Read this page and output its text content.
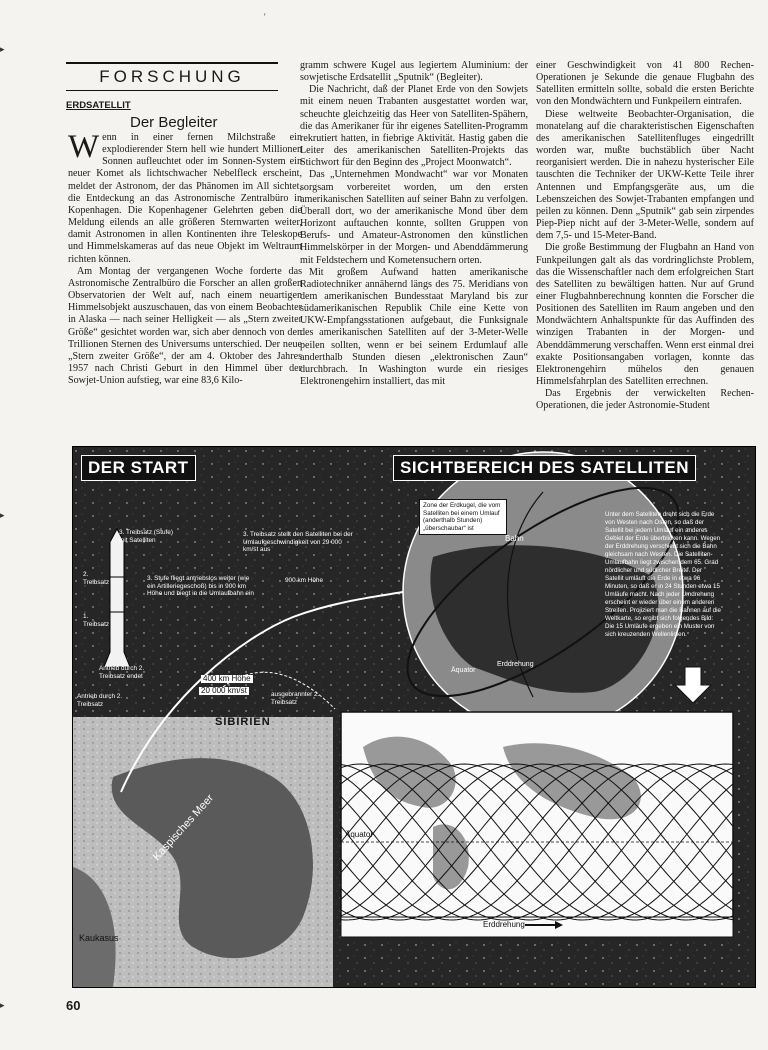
'
FORSCHUNG
ERDSATELLIT
Der Begleiter

Wenn in einer fernen Milchstraße ein explodierender Stern hell wie hundert Millionen Sonnen aufleuchtet oder im Sonnen-System ein neuer Komet als lichtschwacher Nebelfleck erscheint, meldet der Astronom, der das Phänomen im All sichtet, die Entdeckung an das Astronomische Zentralbüro in Kopenhagen. Die Kopenhagener Gelehrten geben die Meldung eilends an alle größeren Sternwarten weiter, damit Astronomen in allen Kontinenten ihre Teleskope und Himmelskameras auf das neue Objekt im Weltraum richten können.

Am Montag der vergangenen Woche forderte das Astronomische Zentralbüro die Forscher an allen großen Observatorien der Welt auf, nach einem neuartigen Himmelsobjekt auszuschauen, das von einem Beobachter in Alaska — nach seiner Helligkeit — als „Stern zweiter Größe“ gesichtet worden war, sich aber dennoch von den Trillionen Sternen des Universums unterschied. Der neue „Stern zweiter Größe“, der am 4. Oktober des Jahres 1957 nach Christi Geburt in den Himmel über der Sowjet-Union aufstieg, war eine 83,6 Kilo-

gramm schwere Kugel aus legiertem Aluminium: der sowjetische Erdsatellit „Sputnik“ (Begleiter).

Die Nachricht, daß der Planet Erde von den Sowjets mit einem neuen Trabanten ausgestattet worden war, scheuchte gleichzeitig das Heer von Satelliten-Spähern, die das Amerikaner für ihr eigenes Satelliten-Programm rekrutiert hatten, in fiebrige Aktivität. Hastig gaben die Leiter des amerikanischen Satelliten-Projekts das Stichwort für den Beginn des „Project Moonwatch“.

Das „Unternehmen Mondwacht“ war vor Monaten sorgsam vorbereitet worden, um den ersten amerikanischen Satelliten auf seiner Bahn zu verfolgen. Überall dort, wo der amerikanische Mond über dem Horizont auftauchen konnte, sollten Gruppen von Berufs- und Amateur-Astronomen den künstlichen Himmelskörper in der Morgen- und Abenddämmerung mit Feldstechern und Kometensuchern orten.

Mit großem Aufwand hatten amerikanische Radiotechniker annähernd längs des 75. Meridians von dem amerikanischen Bundesstaat Maryland bis zur südamerikanischen Republik Chile eine Kette von UKW-Empfangsstationen aufgebaut, die Funksignale des amerikanischen Satelliten auf der 3-Meter-Welle peilen sollten, wenn er bei seinem Erdumlauf alle anderthalb Stunden diesen „elektronischen Zaun“ durchbrach. In Washington wurde ein riesiges Elektronengehirn installiert, das mit

einer Geschwindigkeit von 41 800 Rechen-Operationen je Sekunde die genaue Flugbahn des Satelliten ermitteln sollte, sobald die ersten Berichte von den Mondwächtern und Funkpeilern eintrafen.

Diese weltweite Beobachter-Organisation, die monatelang auf die charakteristischen Eigenschaften des amerikanischen Satellitenfluges eingedrillt worden war, mußte buchstäblich über Nacht reorganisiert werden. Die in nahezu hysterischer Eile tauschten die Techniker der UKW-Kette Teile ihrer Antennen und Empfangsgeräte aus, um die Lebenszeichen des Sowjet-Trabanten empfangen und peilen zu können. Denn „Sputnik“ gab sein zirpendes Piep-Piep nicht auf der 3-Meter-Welle, sondern auf dem 7,5- und 15-Meter-Band.

Die große Bestimmung der Flugbahn an Hand von Funkpeilungen galt als das vordringlichste Problem, das die Wissenschaftler nach dem erfolgreichen Start des Satelliten zu bewältigen hatten. Nur auf Grund einer Flugbahnberechnung konnten die Forscher die Positionen des Satelliten im Raum angeben und den Mondwächtern Anhaltspunkte für das Auffinden des winzigen Trabanten in der Morgen- und Abenddämmerung verschaffen. Wenn erst einmal drei exakte Positionsangaben vorlagen, konnte das Elektronengehirn mühelos den genauen Himmelsfahrplan des Satelliten errechnen.

Das Ergebnis der verwickelten Rechen-Operationen, die jeder Astronomie-Student

DER START	SICHTBEREICH DES SATELLITEN
3. Treibsatz (Stufe) mit Satelliten
2. Treibsatz
1. Treibsatz
3. Treibsatz stellt den Satelliten bei der Umlaufgeschwindigkeit von 29 000 km/st aus
3. Stufe fliegt antriebslos weiter (wie ein Artilleriegeschoß) bis in 900 km Höhe und biegt in die Umlaufbahn ein
900 km Höhe
Antrieb durch 2. Treibsatz endet
Antrieb durch 2. Treibsatz
400 km Höhe
20 000 km/st	ausgebrannter 2. Treibsatz
SIBIRIEN
Kaspisches Meer
Kaukasus
Zone der Erdkugel, die vom Satelliten bei einem Umlauf (anderthalb Stunden) „überschaubar“ ist
Bahn
Äquator
Erddrehung
Unter dem Satelliten dreht sich die Erde von Westen nach Osten, so daß der Satellit bei jedem Umlauf ein anderes Gebiet der Erde überblicken kann. Wegen der Erddrehung verschiebt sich die Bahn gleichsam nach Westen. Die Satelliten-Umlaufbahn liegt zwischen dem 65. Grad nördlicher und südlicher Breite. Der Satellit umläuft die Erde in etwa 96 Minuten, so daß er in 24 Stunden etwa 15 Umläufe macht. Nach jeder Umdrehung erscheint er wieder über einem anderen Streifen. Projiziert man die Bahnen auf die Weltkarte, so ergibt sich folgendes Bild: Die 15 Umläufe ergeben ein Muster von sich kreuzenden Wellenlinien.
Äquator
Erddrehung
60
▸
▸
▸
